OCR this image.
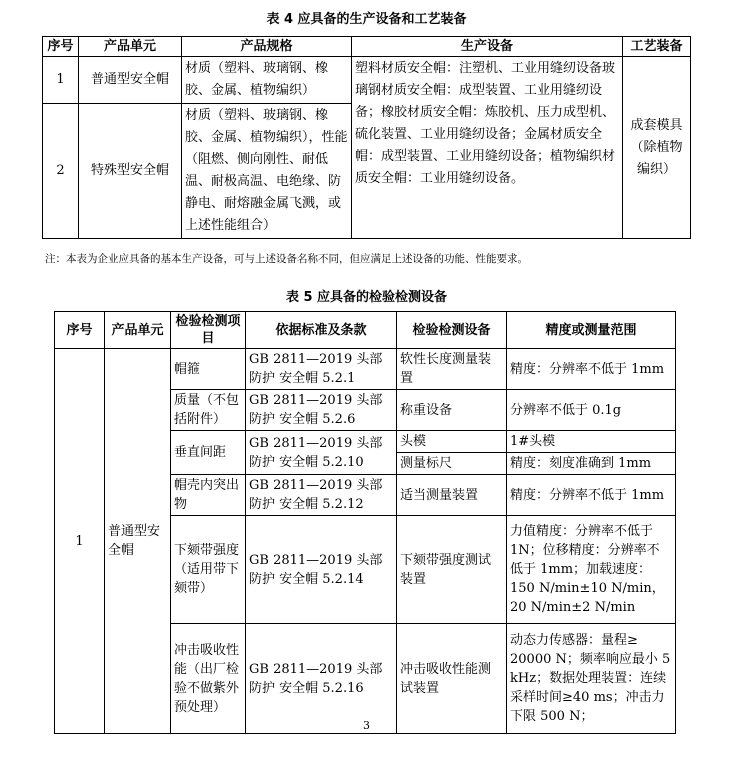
表 4 应具备的生产设备和工艺装备
序号	产品单元	产品规格	生产设备	工艺装备
1	普通型安全帽	材质（塑料、玻璃钢、橡胶、金属、植物编织）	塑料材质安全帽：注塑机、工业用缝纫设备玻璃钢材质安全帽：成型装置、工业用缝纫设备；橡胶材质安全帽：炼胶机、压力成型机、硫化装置、工业用缝纫设备；金属材质安全帽：成型装置、工业用缝纫设备；植物编织材质安全帽：工业用缝纫设备。	成套模具（除植物编织）
2	特殊型安全帽	材质（塑料、玻璃钢、橡胶、金属、植物编织），性能（阻燃、侧向刚性、耐低温、耐极高温、电绝缘、防静电、耐熔融金属飞溅，或上述性能组合）		
注：本表为企业应具备的基本生产设备，可与上述设备名称不同，但应满足上述设备的功能、性能要求。
表 5 应具备的检验检测设备
序号	产品单元	检验检测项目	依据标准及条款	检验检测设备	精度或测量范围
1	普通型安全帽	帽箍	GB 2811—2019 头部防护 安全帽 5.2.1	软性长度测量装置	精度：分辨率不低于 1mm
		质量（不包括附件）	GB 2811—2019 头部防护 安全帽 5.2.6	称重设备	分辨率不低于 0.1g
		垂直间距	GB 2811—2019 头部防护 安全帽 5.2.10	头模	1#头模
				测量标尺	精度：刻度准确到 1mm
		帽壳内突出物	GB 2811—2019 头部防护 安全帽 5.2.12	适当测量装置	精度：分辨率不低于 1mm
		下颏带强度（适用带下颏带）	GB 2811—2019 头部防护 安全帽 5.2.14	下颏带强度测试装置	力值精度：分辨率不低于 1N；位移精度：分辨率不低于 1mm；加载速度：150 N/min±10 N/min，20 N/min±2 N/min
		冲击吸收性能（出厂检验不做紫外预处理）	GB 2811—2019 头部防护 安全帽 5.2.16	冲击吸收性能测试装置	动态力传感器：量程≥ 20000 N；频率响应最小 5 kHz；数据处理装置：连续采样时间≥40 ms；冲击力下限 500 N；
3
